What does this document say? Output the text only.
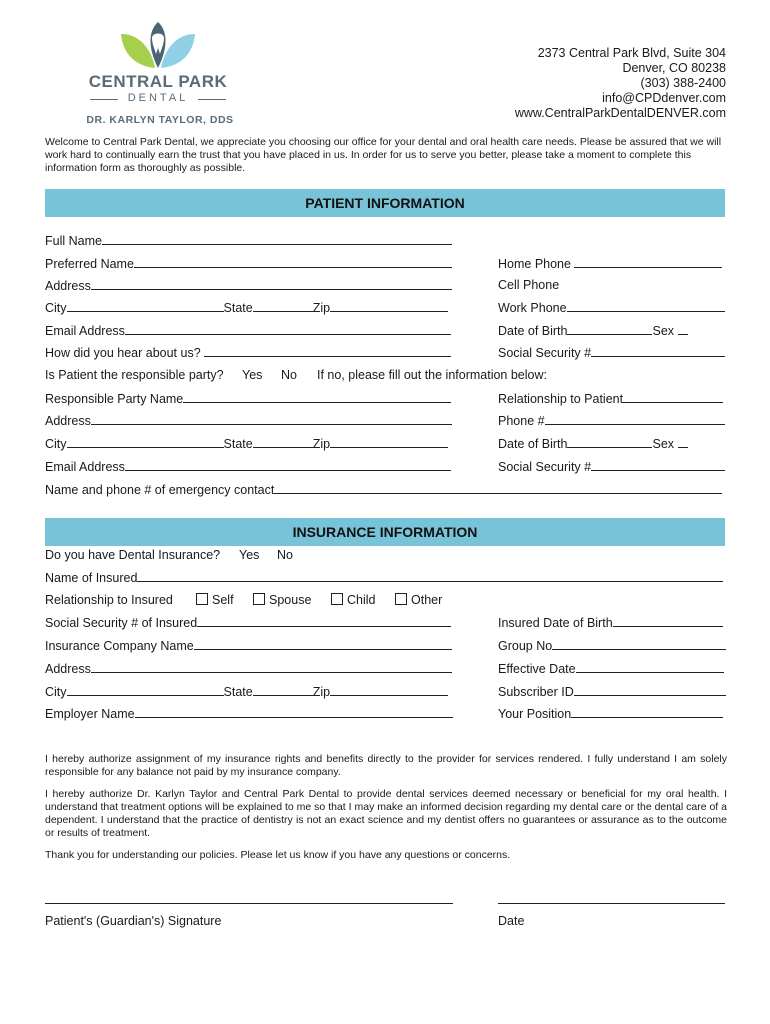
CENTRAL PARK
DENTAL
DR. KARLYN TAYLOR, DDS
2373 Central Park Blvd, Suite 304
Denver, CO 80238
(303) 388-2400
info@CPDdenver.com
www.CentralParkDentalDENVER.com
Welcome to Central Park Dental, we appreciate you choosing our office for your dental and oral health care needs. Please be assured that we will work hard to continually earn the trust that you have placed in us. In order for us to serve you better, please take a moment to complete this information form as thoroughly as possible.
PATIENT INFORMATION
Full Name
Preferred Name	Home Phone
Address	Cell Phone
City	State	Zip	Work Phone
Email Address	Date of Birth	Sex
How did you hear about us?	Social Security #
Is Patient the responsible party? Yes No If no, please fill out the information below:
Responsible Party Name	Relationship to Patient
Address	Phone #
City	State	Zip	Date of Birth	Sex
Email Address	Social Security #
Name and phone # of emergency contact
INSURANCE INFORMATION
Do you have Dental Insurance? Yes No
Name of Insured
Relationship to Insured	Self	Spouse	Child	Other
Social Security # of Insured	Insured Date of Birth
Insurance Company Name	Group No
Address	Effective Date
City	State	Zip	Subscriber ID
Employer Name	Your Position
I hereby authorize assignment of my insurance rights and benefits directly to the provider for services rendered. I fully understand I am solely responsible for any balance not paid by my insurance company.
I hereby authorize Dr. Karlyn Taylor and Central Park Dental to provide dental services deemed necessary or beneficial for my oral health. I understand that treatment options will be explained to me so that I may make an informed decision regarding my dental care or the dental care of a dependent. I understand that the practice of dentistry is not an exact science and my dentist offers no guarantees or assurance as to the outcome or results of treatment.
Thank you for understanding our policies. Please let us know if you have any questions or concerns.
Patient's (Guardian's) Signature	Date
